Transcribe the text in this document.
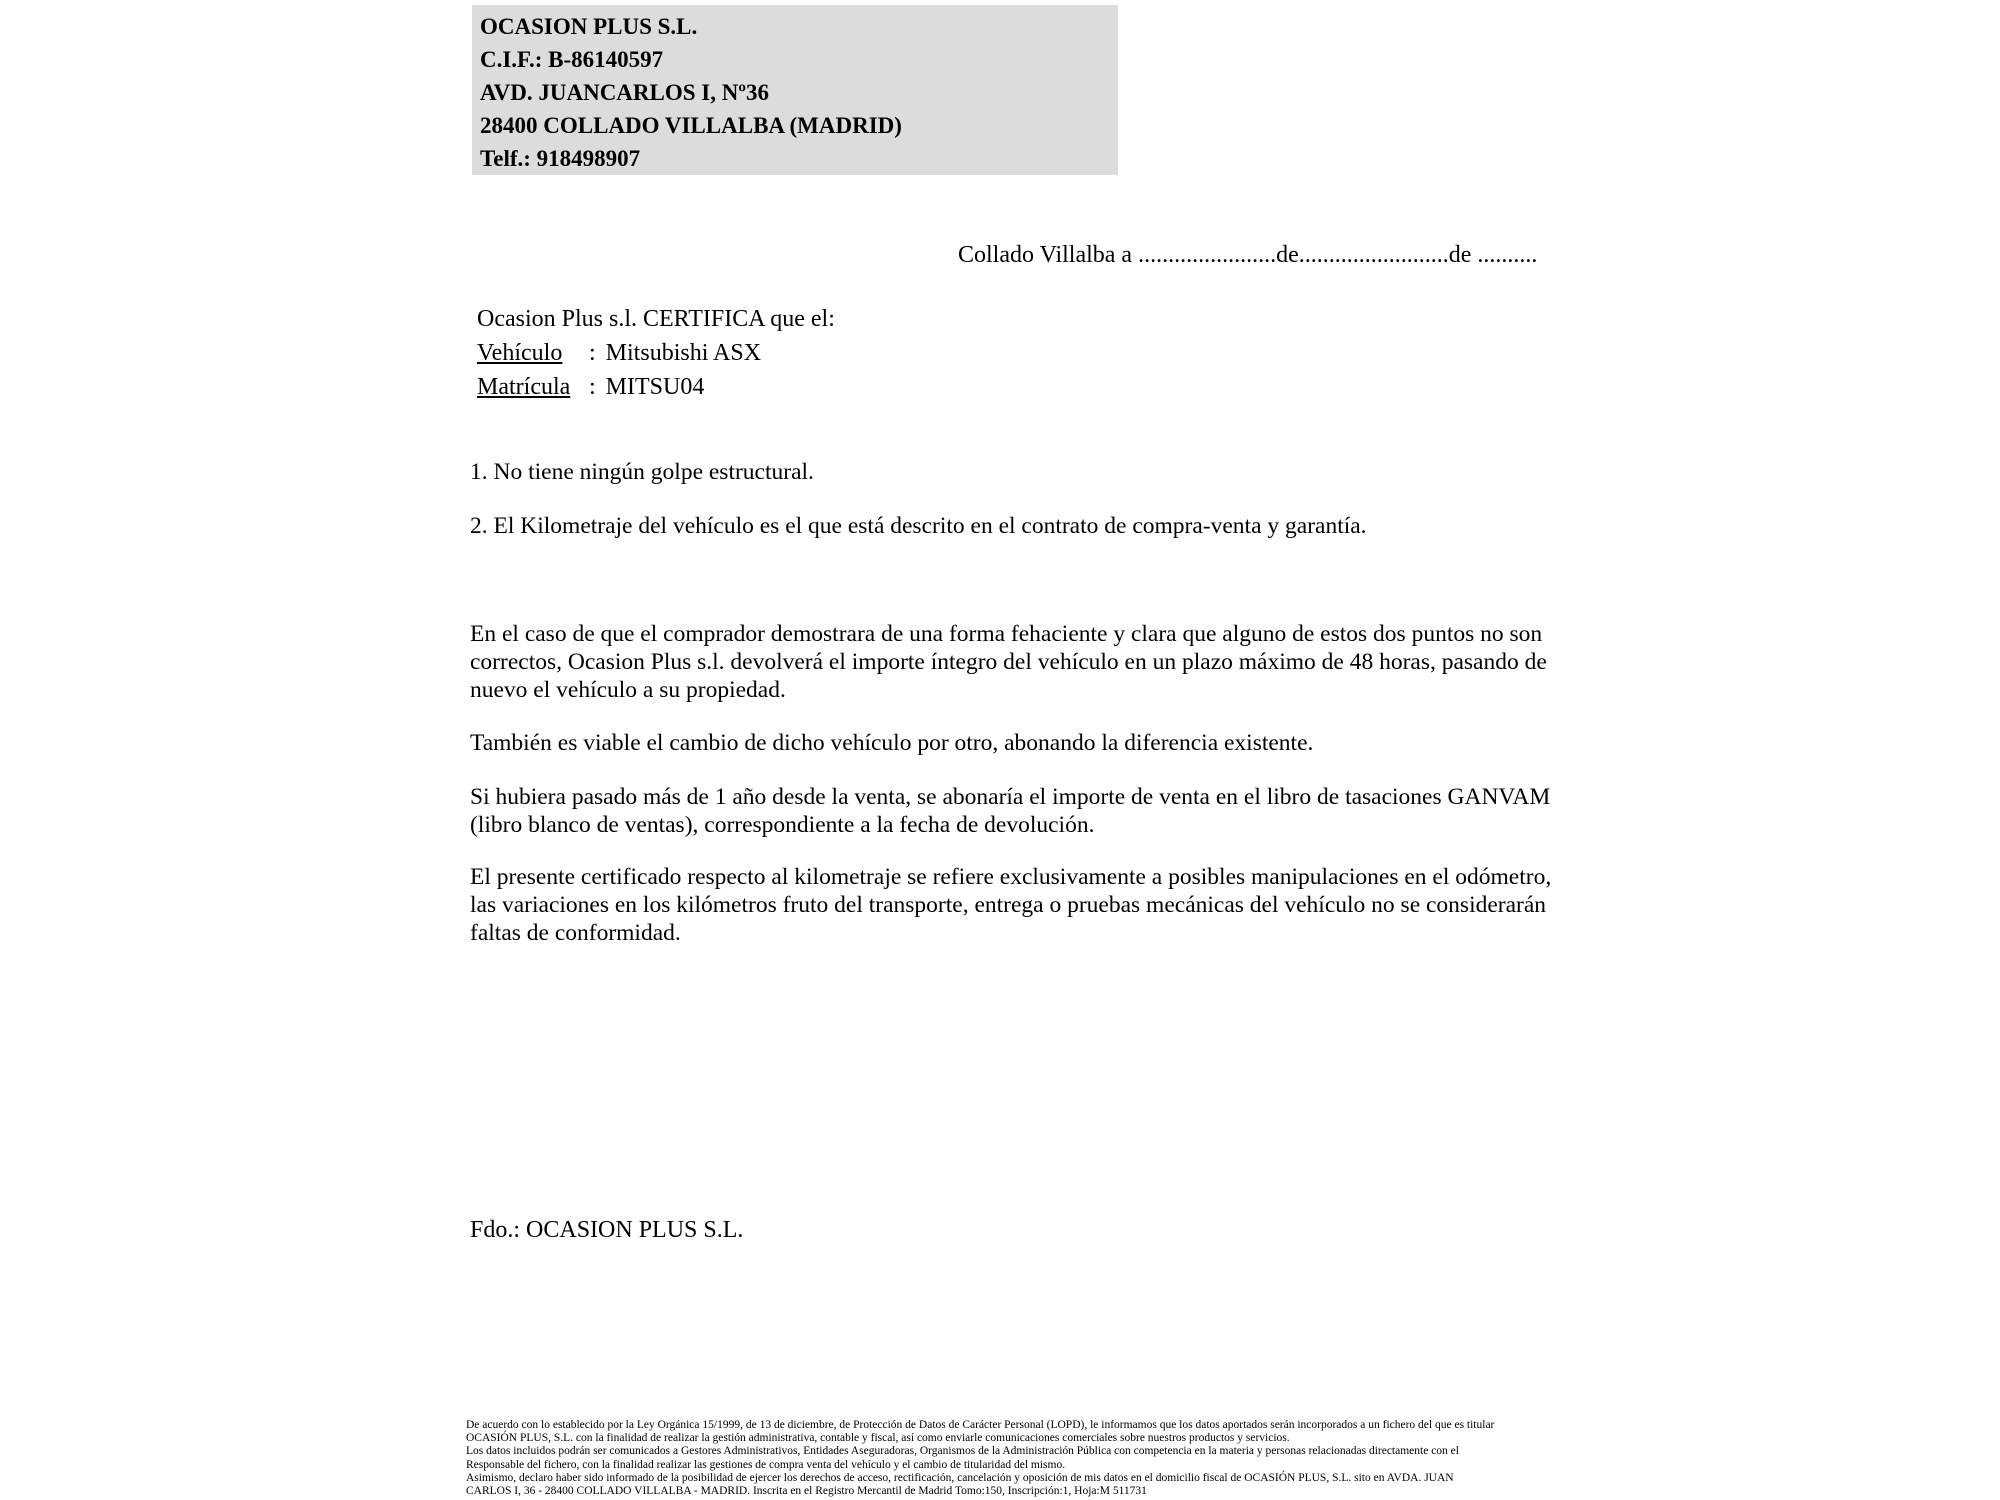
OCASION PLUS S.L.
C.I.F.: B-86140597
AVD. JUANCARLOS I, Nº36
28400 COLLADO VILLALBA (MADRID)
Telf.: 918498907
Collado Villalba a .......................de.........................de ..........
Ocasion Plus s.l. CERTIFICA que el:
Vehículo : Mitsubishi ASX
Matrícula : MITSU04
1. No tiene ningún golpe estructural.
2. El Kilometraje del vehículo es el que está descrito en el contrato de compra-venta y garantía.
En el caso de que el comprador demostrara de una forma fehaciente y clara que alguno de estos dos puntos no son correctos, Ocasion Plus s.l. devolverá el importe íntegro del vehículo en un plazo máximo de 48 horas, pasando de nuevo el vehículo a su propiedad.
También es viable el cambio de dicho vehículo por otro, abonando la diferencia existente.
Si hubiera pasado más de 1 año desde la venta, se abonaría el importe de venta en el libro de tasaciones GANVAM (libro blanco de ventas), correspondiente a la fecha de devolución.
El presente certificado respecto al kilometraje se refiere exclusivamente a posibles manipulaciones en el odómetro, las variaciones en los kilómetros fruto del transporte, entrega o pruebas mecánicas del vehículo no se considerarán faltas de conformidad.
Fdo.: OCASION PLUS S.L.
De acuerdo con lo establecido por la Ley Orgánica 15/1999, de 13 de diciembre, de Protección de Datos de Carácter Personal (LOPD), le informamos que los datos aportados serán incorporados a un fichero del que es titular
OCASIÓN PLUS, S.L. con la finalidad de realizar la gestión administrativa, contable y fiscal, así como enviarle comunicaciones comerciales sobre nuestros productos y servicios.
Los datos incluidos podrán ser comunicados a Gestores Administrativos, Entidades Aseguradoras, Organismos de la Administración Pública con competencia en la materia y personas relacionadas directamente con el
Responsable del fichero, con la finalidad realizar las gestiones de compra venta del vehículo y el cambio de titularidad del mismo.
Asimismo, declaro haber sido informado de la posibilidad de ejercer los derechos de acceso, rectificación, cancelación y oposición de mis datos en el domicilio fiscal de OCASIÓN PLUS, S.L. sito en AVDA. JUAN
CARLOS I, 36 - 28400 COLLADO VILLALBA - MADRID. Inscrita en el Registro Mercantil de Madrid Tomo:150, Inscripción:1, Hoja:M 511731
